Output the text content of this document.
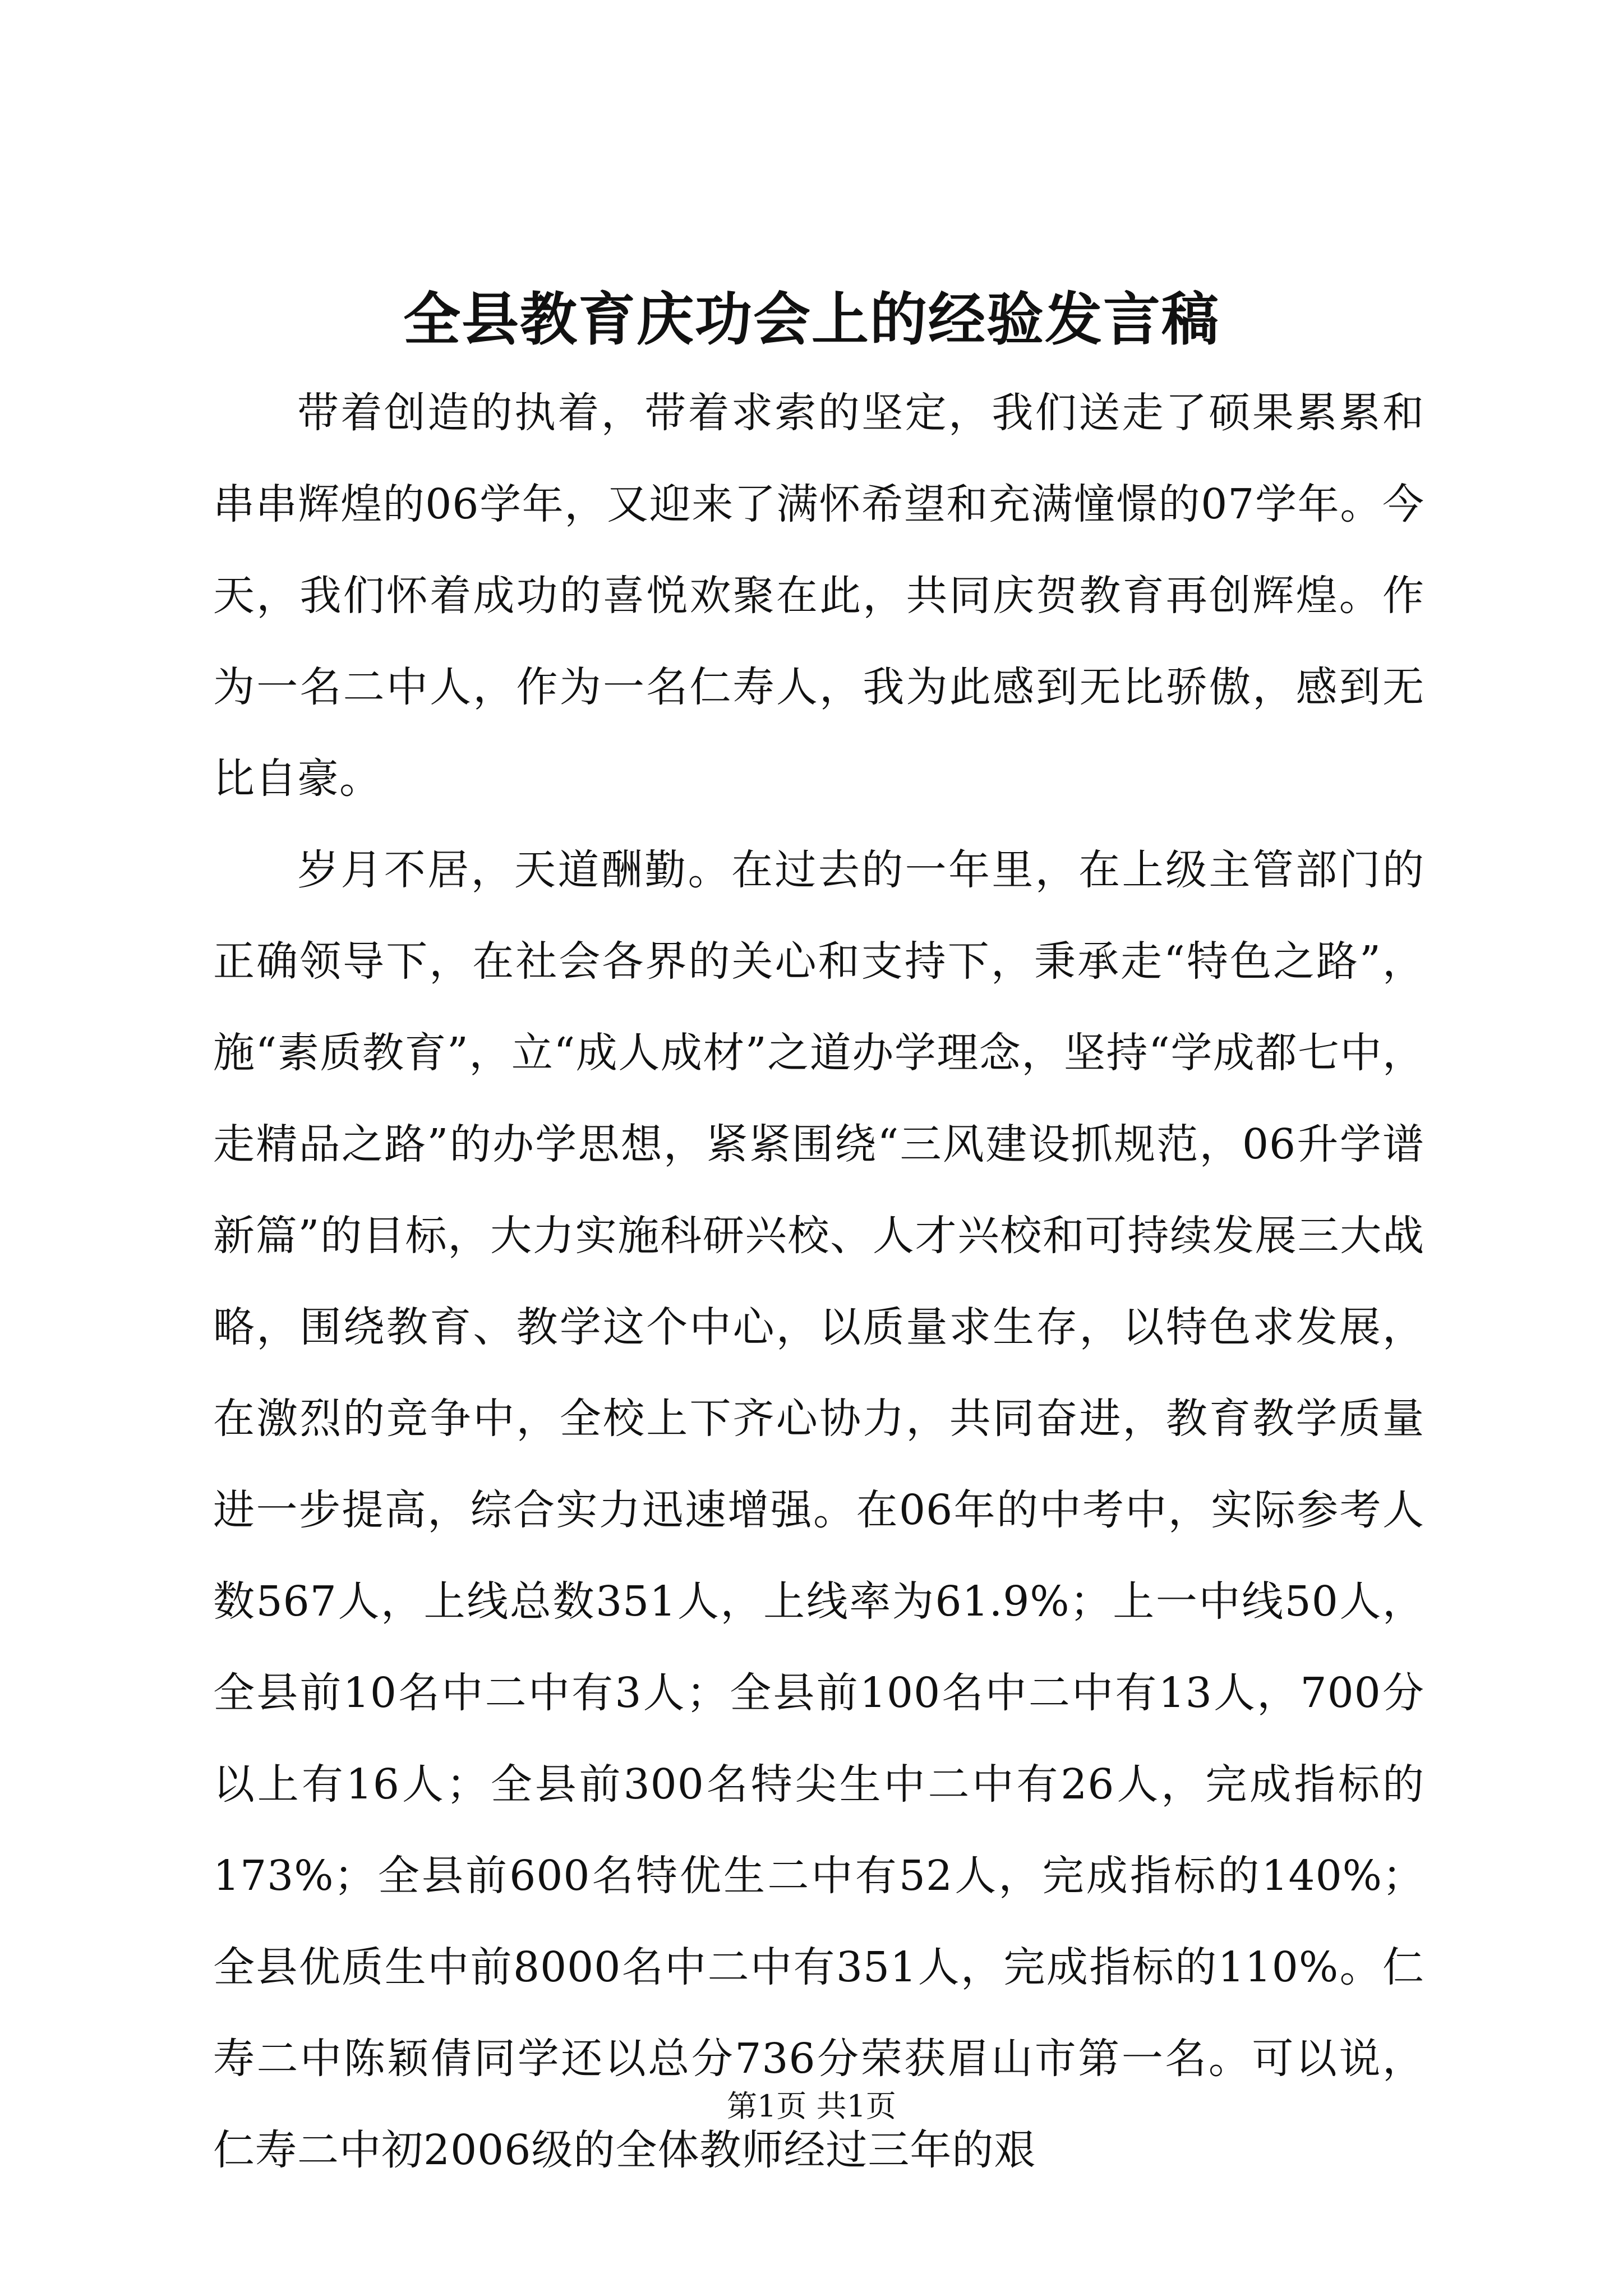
全县教育庆功会上的经验发言稿

带着创造的执着，带着求索的坚定，我们送走了硕果累累和串串辉煌的06学年，又迎来了满怀希望和充满憧憬的07学年。今天，我们怀着成功的喜悦欢聚在此，共同庆贺教育再创辉煌。作为一名二中人，作为一名仁寿人，我为此感到无比骄傲，感到无比自豪。

岁月不居，天道酬勤。在过去的一年里，在上级主管部门的正确领导下，在社会各界的关心和支持下，秉承走“特色之路”，施“素质教育”，立“成人成材”之道办学理念，坚持“学成都七中，走精品之路”的办学思想，紧紧围绕“三风建设抓规范，06升学谱新篇”的目标，大力实施科研兴校、人才兴校和可持续发展三大战略，围绕教育、教学这个中心，以质量求生存，以特色求发展，在激烈的竞争中，全校上下齐心协力，共同奋进，教育教学质量进一步提高，综合实力迅速增强。在06年的中考中，实际参考人数567人，上线总数351人，上线率为61.9%；上一中线50人，全县前10名中二中有3人；全县前100名中二中有13人，700分以上有16人；全县前300名特尖生中二中有26人，完成指标的173%；全县前600名特优生二中有52人，完成指标的140%；全县优质生中前8000名中二中有351人，完成指标的110%。仁寿二中陈颖倩同学还以总分736分荣获眉山市第一名。可以说，仁寿二中初2006级的全体教师经过三年的艰

第1页 共1页
